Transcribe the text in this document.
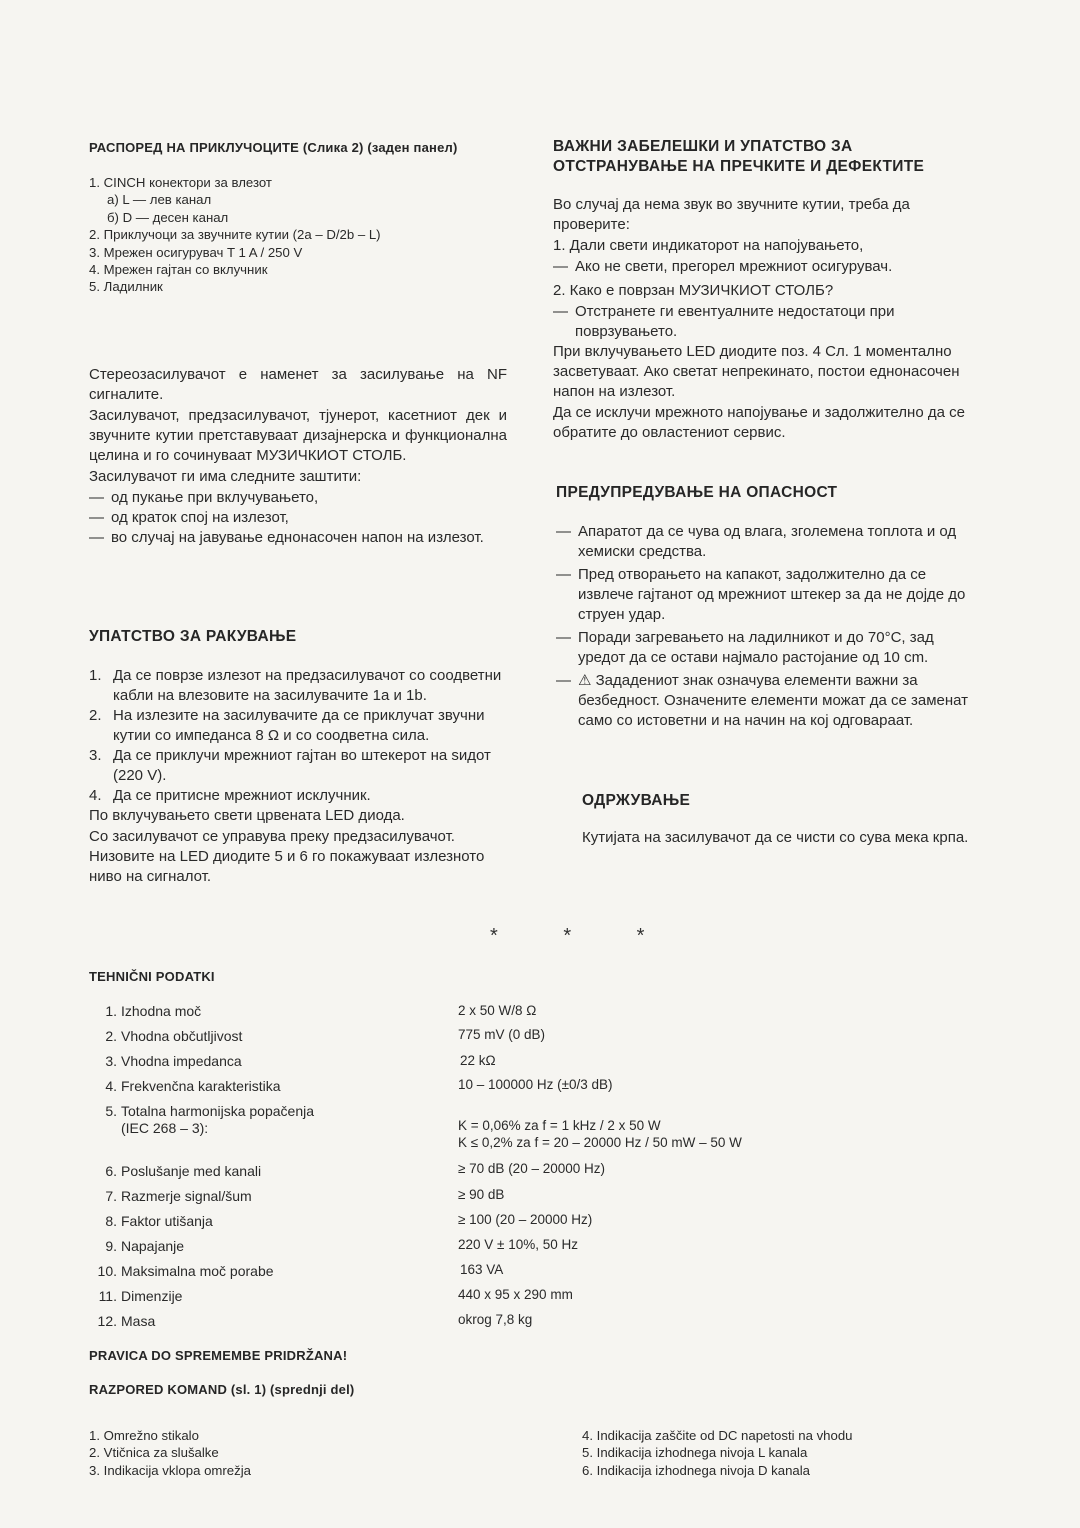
РАСПОРЕД НА ПРИКЛУЧОЦИТЕ (Слика 2) (заден панел)
1. CINCH конектори за влезот
а) L — лев канал
б) D — десен канал
2. Приклучоци за звучните кутии (2a – D/2b – L)
3. Мрежен осигурувач T 1 A / 250 V
4. Мрежен гајтан со вклучник
5. Ладилник

Стереозасилувачот е наменет за засилување на NF сигналите.

Засилувачот, предзасилувачот, тјунерот, касетниот дек и звучните кутии претставуваат дизајнерска и функционална целина и го сочинуваат МУЗИЧКИОТ СТОЛБ.

Засилувачот ги има следните заштити:

— од пукање при вклучувањето,
— од краток спој на излезот,
— во случај на јавување еднонасочен напон на излезот.
УПАТСТВО ЗА РАКУВАЊЕ
1. Да се поврзе излезот на предзасилувачот со соодветни кабли на влезовите на засилувачите 1a и 1b.
2. На излезите на засилувачите да се приклучат звучни кутии со импеданса 8 Ω и со соодветна сила.
3. Да се приклучи мрежниот гајтан во штекерот на ѕидот (220 V).
4. Да се притисне мрежниот исклучник.

По вклучувањето свети црвената LED диода.

Со засилувачот се управува преку предзасилувачот. Низовите на LED диодите 5 и 6 го покажуваат излезното ниво на сигналот.

ВАЖНИ ЗАБЕЛЕШКИ И УПАТСТВО ЗА ОТСТРАНУВАЊЕ НА ПРЕЧКИТЕ И ДЕФЕКТИТЕ

Во случај да нема звук во звучните кутии, треба да проверите:

1. Дали свети индикаторот на напојувањето,

— Ако не свети, прегорел мрежниот осигурувач.

2. Како е поврзан МУЗИЧКИОТ СТОЛБ?

— Отстранете ги евентуалните недостатоци при поврзувањето.

При вклучувањето LED диодите поз. 4 Сл. 1 моментално засветуваат. Ако светат непрекинато, постои еднонасочен напон на излезот.

Да се исклучи мрежното напојување и задолжително да се обратите до овластениот сервис.

ПРЕДУПРЕДУВАЊЕ НА ОПАСНОСТ
— Апаратот да се чува од влага, зголемена топлота и од хемиски средства.
— Пред отворањето на капакот, задолжително да се извлече гајтанот од мрежниот штекер за да не дојде до струен удар.
— Поради загревањето на ладилникот и до 70°C, зад уредот да се остави најмало растојание од 10 cm.
— ⚠ Зададениот знак означува елементи важни за безбедност. Означените елементи можат да се заменат само со истоветни и на начин на кој одговараат.
ОДРЖУВАЊЕ
Кутијата на засилувачот да се чисти со сува мека крпа.
* * *
TEHNIČNI PODATKI
1. Izhodna moč	2 x 50 W/8 Ω
2. Vhodna občutljivost	775 mV (0 dB)
3. Vhodna impedanca	22 kΩ
4. Frekvenčna karakteristika	10 – 100000 Hz (±0/3 dB)
5. Totalna harmonijska popačenja
(IEC 268 – 3):	K = 0,06% za f = 1 kHz / 2 x 50 W
K ≤ 0,2% za f = 20 – 20000 Hz / 50 mW – 50 W
6. Poslušanje med kanali	≥ 70 dB (20 – 20000 Hz)
7. Razmerje signal/šum	≥ 90 dB
8. Faktor utišanja	≥ 100 (20 – 20000 Hz)
9. Napajanje	220 V ± 10%, 50 Hz
10. Maksimalna moč porabe	163 VA
11. Dimenzije	440 x 95 x 290 mm
12. Masa	okrog 7,8 kg
PRAVICA DO SPREMEMBE PRIDRŽANA!
RAZPORED KOMAND (sl. 1) (sprednji del)
1. Omrežno stikalo
2. Vtičnica za slušalke
3. Indikacija vklopa omrežja
4. Indikacija zaščite od DC napetosti na vhodu
5. Indikacija izhodnega nivoja L kanala
6. Indikacija izhodnega nivoja D kanala
